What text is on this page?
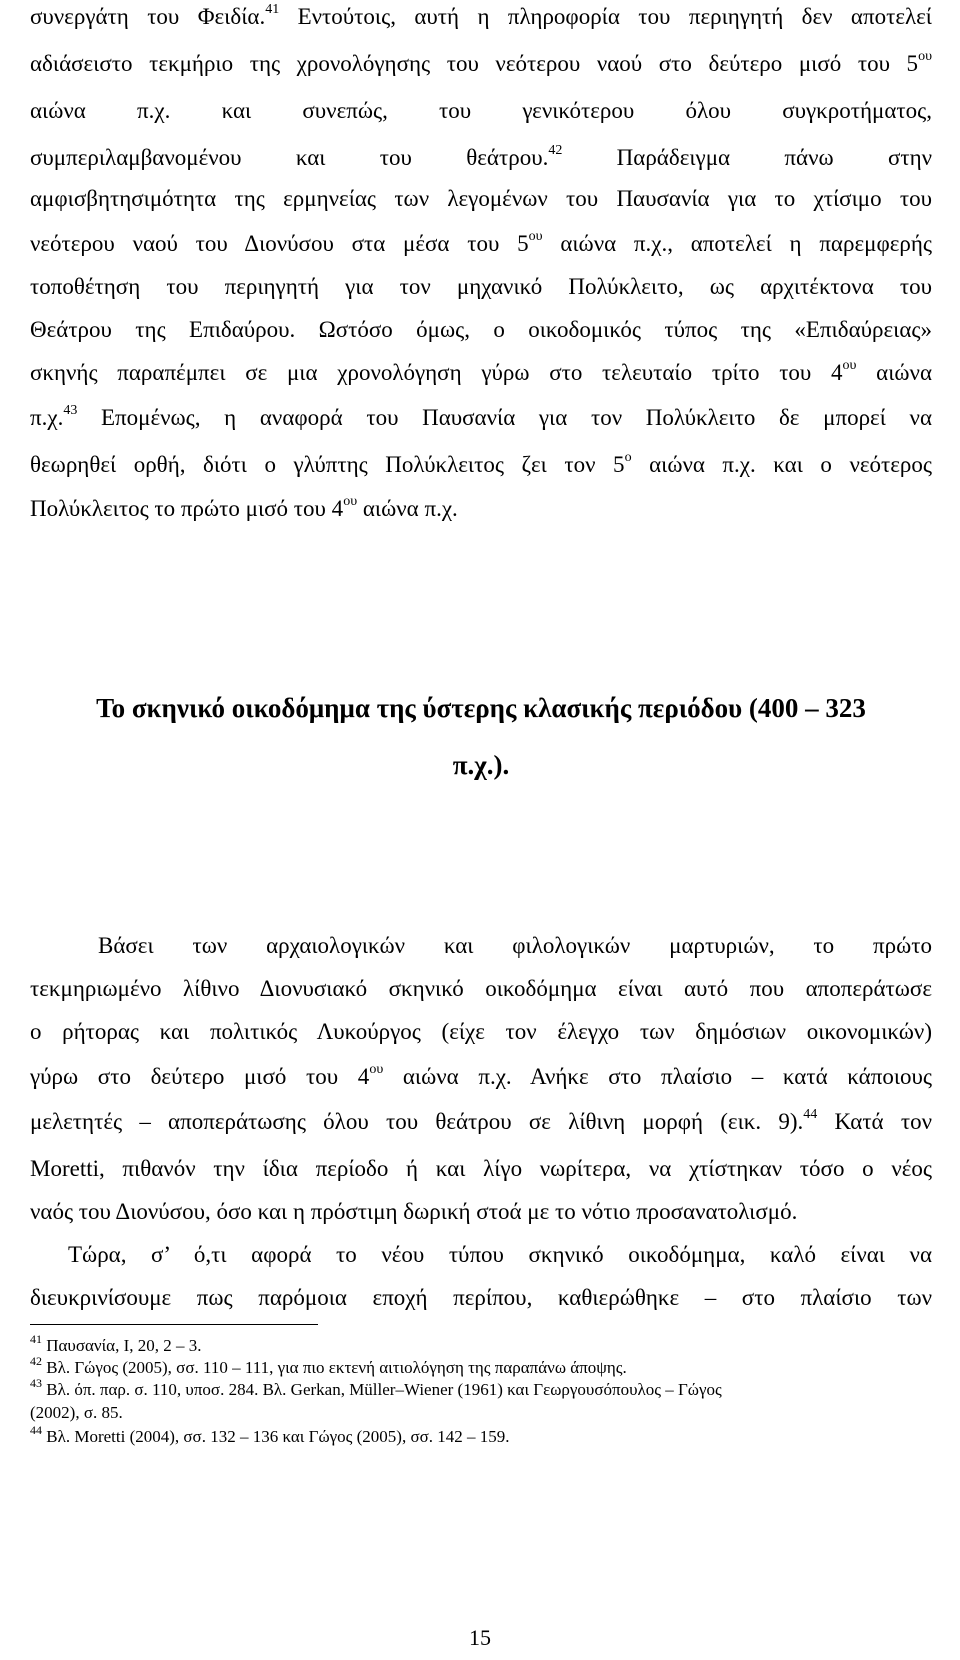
συνεργάτη του Φειδία.$^{41}$ Εντούτοις, αυτή η πληροφορία του περιηγητή δεν αποτελεί
αδιάσειστο τεκμήριο της χρονολόγησης του νεότερου ναού στο δεύτερο μισό του $5^{o\upsilon}$
αιώνα π.χ. και συνεπώς, του γενικότερου όλου συγκροτήματος,
συμπεριλαμβανομένου και του θεάτρου.$^{42}$ Παράδειγμα πάνω στην
αμφισβητησιμότητα της ερμηνείας των λεγομένων του Παυσανία για το χτίσιμο του
νεότερου ναού του Διονύσου στα μέσα του $5^{o\upsilon}$ αιώνα π.χ., αποτελεί η παρεμφερής
τοποθέτηση του περιηγητή για τον μηχανικό Πολύκλειτο, ως αρχιτέκτονα του
Θεάτρου της Επιδαύρου. Ωστόσο όμως, ο οικοδομικός τύπος της «Επιδαύρειας»
σκηνής παραπέμπει σε μια χρονολόγηση γύρω στο τελευταίο τρίτο του $4^{o\upsilon}$ αιώνα
π.χ.$^{43}$ Επομένως, η αναφορά του Παυσανία για τον Πολύκλειτο δε μπορεί να
θεωρηθεί ορθή, διότι ο γλύπτης Πολύκλειτος ζει τον $5^o$ αιώνα π.χ. και ο νεότερος
Πολύκλειτος το πρώτο μισό του $4^{o\upsilon}$ αιώνα π.χ.
Το σκηνικό οικοδόμημα της ύστερης κλασικής περιόδου (400 – 323
π.χ.).
Βάσει των αρχαιολογικών και φιλολογικών μαρτυριών, το πρώτο
τεκμηριωμένο λίθινο Διονυσιακό σκηνικό οικοδόμημα είναι αυτό που αποπεράτωσε
ο ρήτορας και πολιτικός Λυκούργος (είχε τον έλεγχο των δημόσιων οικονομικών)
γύρω στο δεύτερο μισό του $4^{o\upsilon}$ αιώνα π.χ. Ανήκε στο πλαίσιο – κατά κάποιους
μελετητές – αποπεράτωσης όλου του θεάτρου σε λίθινη μορφή (εικ. 9).$^{44}$ Κατά τον
Moretti, πιθανόν την ίδια περίοδο ή και λίγο νωρίτερα, να χτίστηκαν τόσο ο νέος
ναός του Διονύσου, όσο και η πρόστιμη δωρική στοά με το νότιο προσανατολισμό.
Τώρα, σ’ ό,τι αφορά το νέου τύπου σκηνικό οικοδόμημα, καλό είναι να
διευκρινίσουμε πως παρόμοια εποχή περίπου, καθιερώθηκε – στο πλαίσιο των
$^{41}$ Παυσανία, Ι, 20, 2 – 3.
$^{42}$ Βλ. Γώγος (2005), σσ. 110 – 111, για πιο εκτενή αιτιολόγηση της παραπάνω άποψης.
$^{43}$ Βλ. όπ. παρ. σ. 110, υποσ. 284. Βλ. Gerkan, Müller–Wiener (1961) και Γεωργουσόπουλος – Γώγος
(2002), σ. 85.
$^{44}$ Βλ. Moretti (2004), σσ. 132 – 136 και Γώγος (2005), σσ. 142 – 159.
15
